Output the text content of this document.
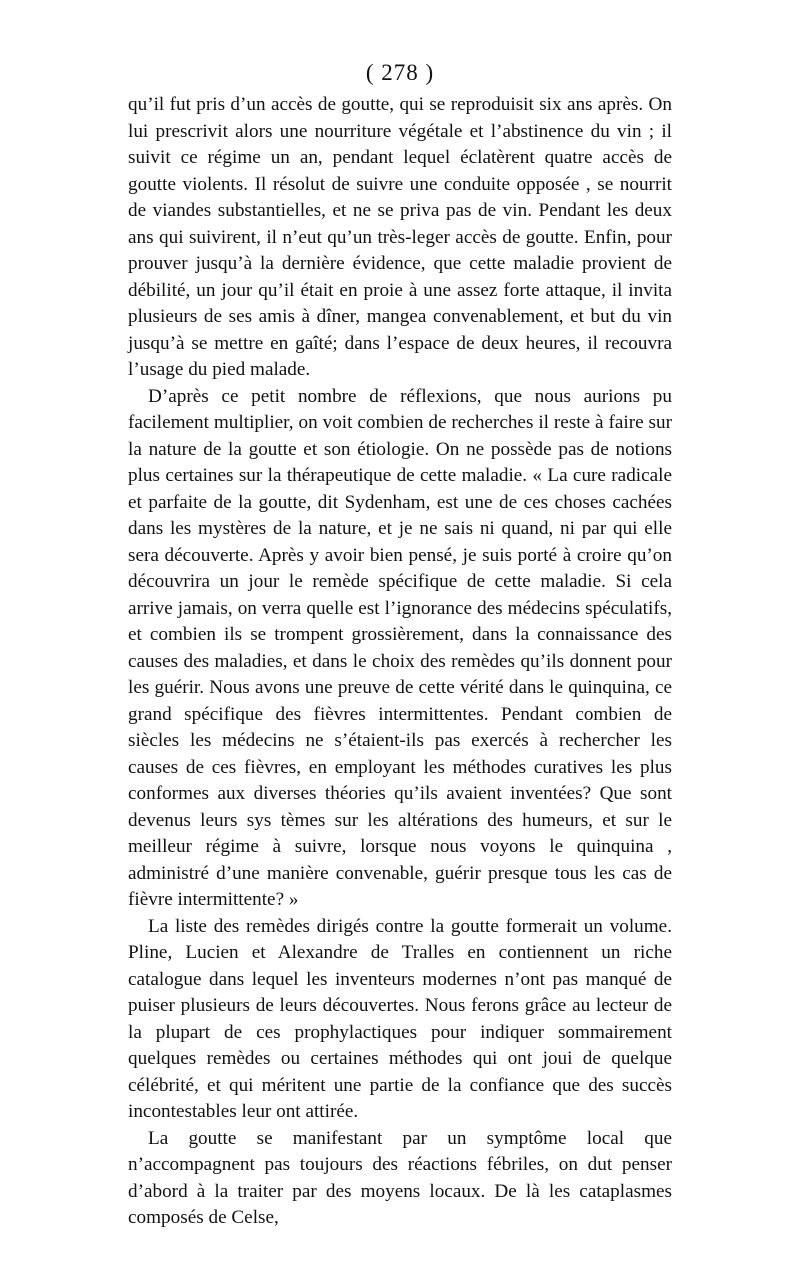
( 278 )

qu’il fut pris d’un accès de goutte, qui se reproduisit six ans après. On lui prescrivit alors une nourriture végétale et l’abstinence du vin ; il suivit ce régime un an, pendant lequel éclatèrent quatre accès de goutte violents. Il résolut de suivre une conduite opposée , se nourrit de viandes substantielles, et ne se priva pas de vin. Pendant les deux ans qui suivirent, il n’eut qu’un très-leger accès de goutte. Enfin, pour prouver jusqu’à la dernière évidence, que cette maladie provient de débilité, un jour qu’il était en proie à une assez forte attaque, il invita plusieurs de ses amis à dîner, mangea convenablement, et but du vin jusqu’à se mettre en gaîté; dans l’espace de deux heures, il recouvra l’usage du pied malade.

D’après ce petit nombre de réflexions, que nous aurions pu facilement multiplier, on voit combien de recherches il reste à faire sur la nature de la goutte et son étiologie. On ne possède pas de notions plus certaines sur la thérapeutique de cette maladie. « La cure radicale et parfaite de la goutte, dit Sydenham, est une de ces choses cachées dans les mystères de la nature, et je ne sais ni quand, ni par qui elle sera découverte. Après y avoir bien pensé, je suis porté à croire qu’on découvrira un jour le remède spécifique de cette maladie. Si cela arrive jamais, on verra quelle est l’ignorance des médecins spéculatifs, et combien ils se trompent grossièrement, dans la connaissance des causes des maladies, et dans le choix des remèdes qu’ils donnent pour les guérir. Nous avons une preuve de cette vérité dans le quinquina, ce grand spécifique des fièvres intermittentes. Pendant combien de siècles les médecins ne s’étaient-ils pas exercés à rechercher les causes de ces fièvres, en employant les méthodes curatives les plus conformes aux diverses théories qu’ils avaient inventées? Que sont devenus leurs sys tèmes sur les altérations des humeurs, et sur le meilleur régime à suivre, lorsque nous voyons le quinquina , administré d’une manière convenable, guérir presque tous les cas de fièvre intermittente? »

La liste des remèdes dirigés contre la goutte formerait un volume. Pline, Lucien et Alexandre de Tralles en contiennent un riche catalogue dans lequel les inventeurs modernes n’ont pas manqué de puiser plusieurs de leurs découvertes. Nous ferons grâce au lecteur de la plupart de ces prophylactiques pour indiquer sommairement quelques remèdes ou certaines méthodes qui ont joui de quelque célébrité, et qui méritent une partie de la confiance que des succès incontestables leur ont attirée.

La goutte se manifestant par un symptôme local que n’accompagnent pas toujours des réactions fébriles, on dut penser d’abord à la traiter par des moyens locaux. De là les cataplasmes composés de Celse,
